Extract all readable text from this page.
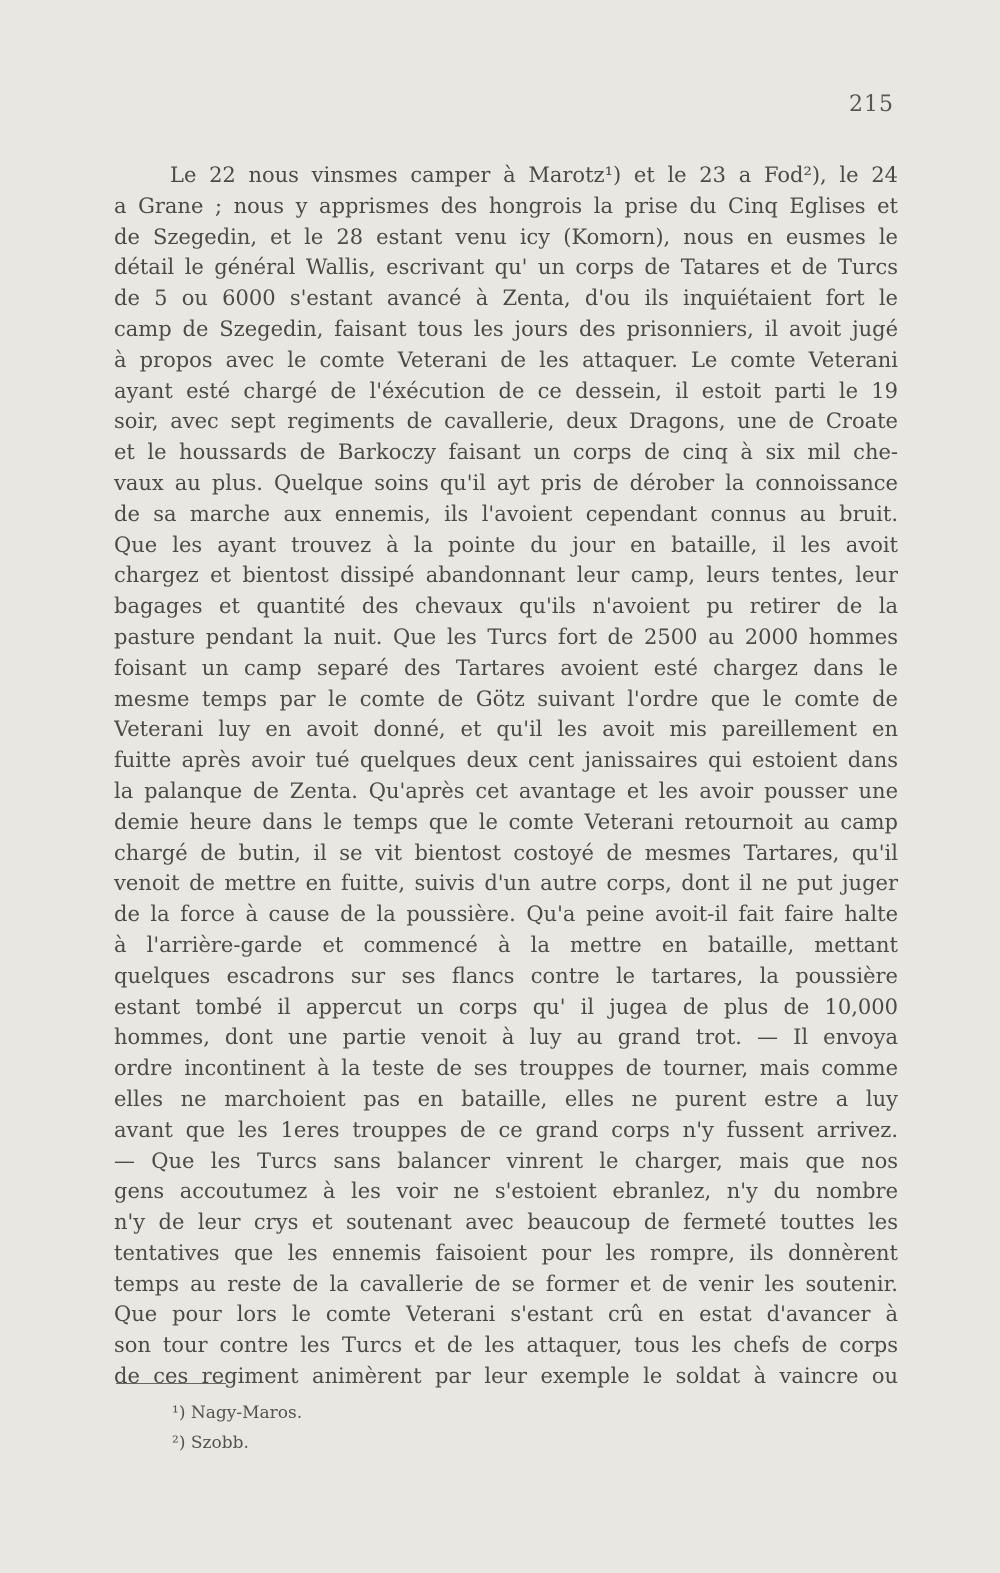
215
Le 22 nous vinsmes camper à Marotz¹) et le 23 a Fod²), le 24
a Grane ; nous y apprismes des hongrois la prise du Cinq Eglises et
de Szegedin, et le 28 estant venu icy (Komorn), nous en eusmes le
détail le général Wallis, escrivant qu' un corps de Tatares et de Turcs
de 5 ou 6000 s'estant avancé à Zenta, d'ou ils inquiétaient fort le
camp de Szegedin, faisant tous les jours des prisonniers, il avoit jugé
à propos avec le comte Veterani de les attaquer. Le comte Veterani
ayant esté chargé de l'éxécution de ce dessein, il estoit parti le 19
soir, avec sept regiments de cavallerie, deux Dragons, une de Croate
et le houssards de Barkoczy faisant un corps de cinq à six mil che-
vaux au plus. Quelque soins qu'il ayt pris de dérober la connoissance
de sa marche aux ennemis, ils l'avoient cependant connus au bruit.
Que les ayant trouvez à la pointe du jour en bataille, il les avoit
chargez et bientost dissipé abandonnant leur camp, leurs tentes, leur
bagages et quantité des chevaux qu'ils n'avoient pu retirer de la
pasture pendant la nuit. Que les Turcs fort de 2500 au 2000 hommes
foisant un camp separé des Tartares avoient esté chargez dans le
mesme temps par le comte de Götz suivant l'ordre que le comte de
Veterani luy en avoit donné, et qu'il les avoit mis pareillement en
fuitte après avoir tué quelques deux cent janissaires qui estoient dans
la palanque de Zenta. Qu'après cet avantage et les avoir pousser une
demie heure dans le temps que le comte Veterani retournoit au camp
chargé de butin, il se vit bientost costoyé de mesmes Tartares, qu'il
venoit de mettre en fuitte, suivis d'un autre corps, dont il ne put juger
de la force à cause de la poussière. Qu'a peine avoit-il fait faire halte
à l'arrière-garde et commencé à la mettre en bataille, mettant
quelques escadrons sur ses flancs contre le tartares, la poussière
estant tombé il appercut un corps qu' il jugea de plus de 10,000
hommes, dont une partie venoit à luy au grand trot. — Il envoya
ordre incontinent à la teste de ses trouppes de tourner, mais comme
elles ne marchoient pas en bataille, elles ne purent estre a luy
avant que les 1eres trouppes de ce grand corps n'y fussent arrivez.
— Que les Turcs sans balancer vinrent le charger, mais que nos
gens accoutumez à les voir ne s'estoient ebranlez, n'y du nombre
n'y de leur crys et soutenant avec beaucoup de fermeté touttes les
tentatives que les ennemis faisoient pour les rompre, ils donnèrent
temps au reste de la cavallerie de se former et de venir les soutenir.
Que pour lors le comte Veterani s'estant crû en estat d'avancer à
son tour contre les Turcs et de les attaquer, tous les chefs de corps
de ces regiment animèrent par leur exemple le soldat à vaincre ou
¹) Nagy-Maros.
²) Szobb.
